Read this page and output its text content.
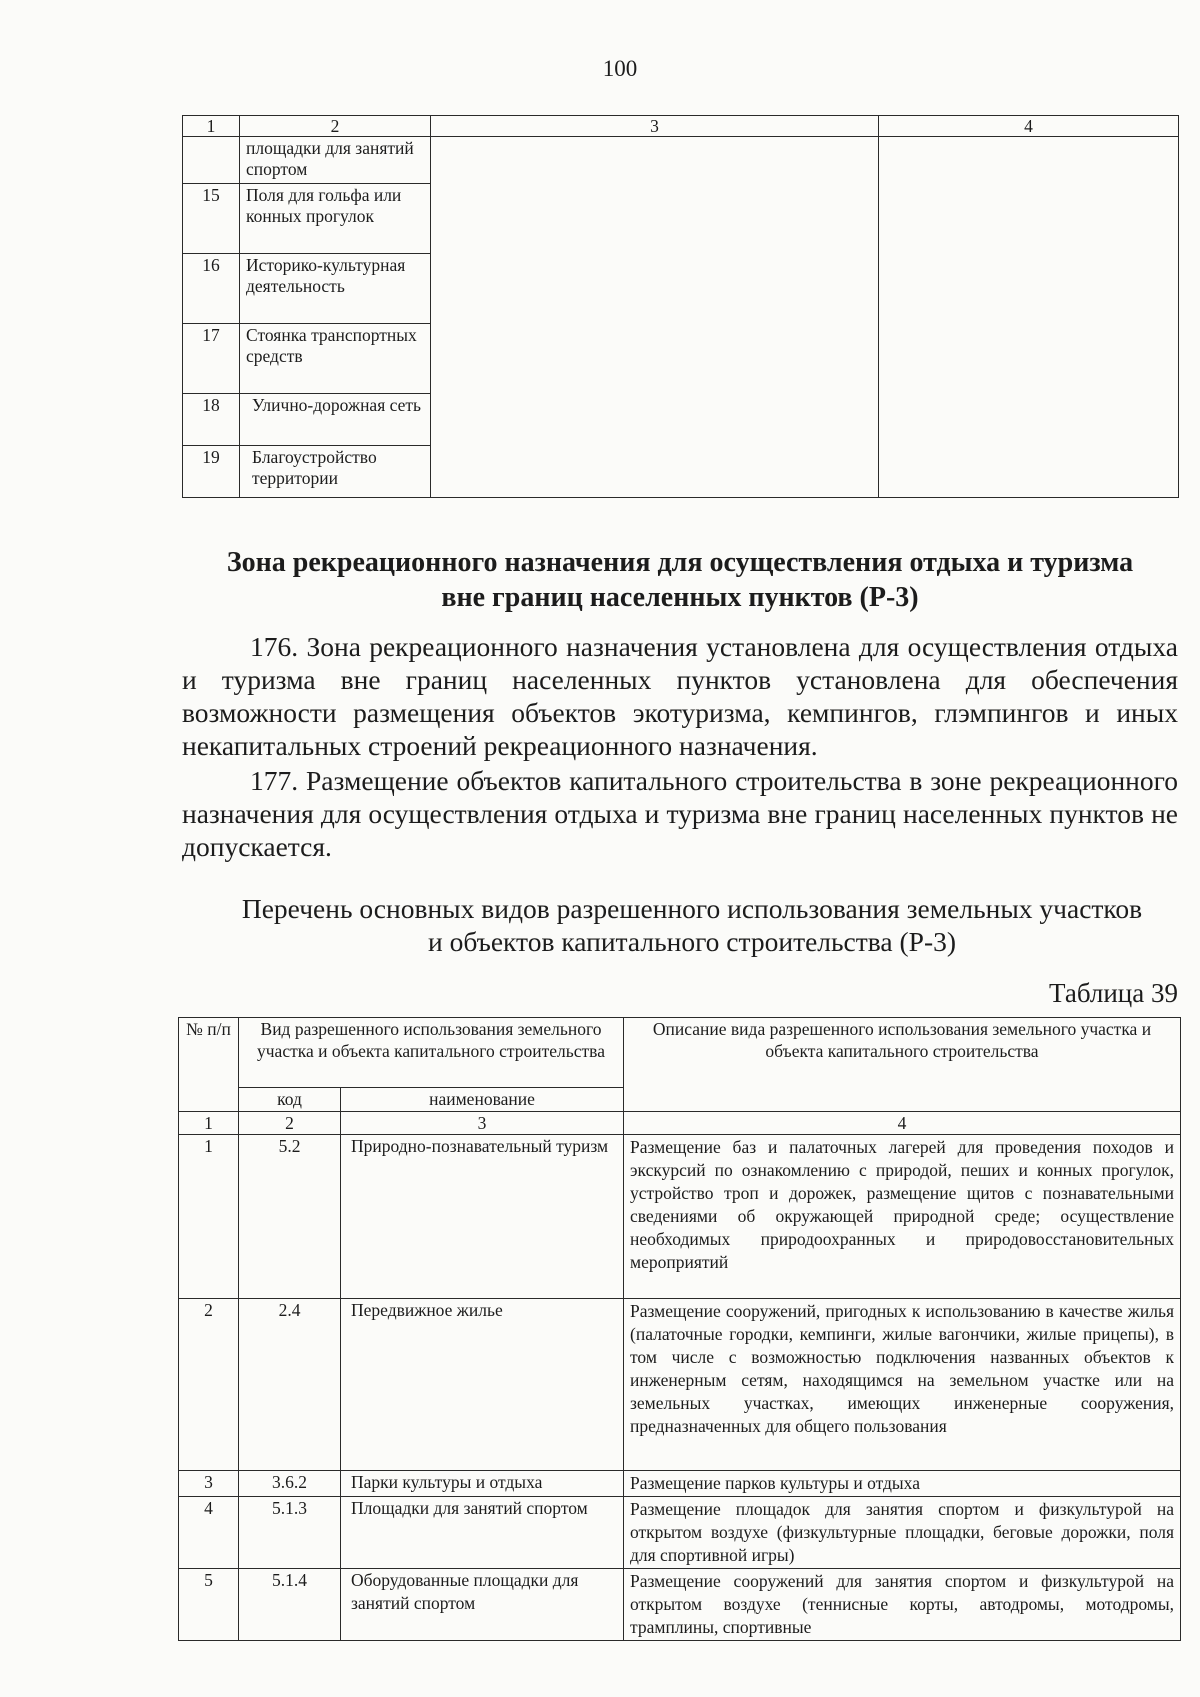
100
1	2	3	4
	площадки для занятий спортом		
15	Поля для гольфа или конных прогулок		
16	Историко-культурная деятельность		
17	Стоянка транспортных средств		
18	Улично-дорожная сеть		
19	Благоустройство территории		
Зона рекреационного назначения для осуществления отдыха и туризма
вне границ населенных пунктов (Р-3)
176. Зона рекреационного назначения установлена для осуществления отдыха и туризма вне границ населенных пунктов установлена для обеспечения возможности размещения объектов экотуризма, кемпингов, глэмпингов и иных некапитальных строений рекреационного назначения.
177. Размещение объектов капитального строительства в зоне рекреационного назначения для осуществления отдыха и туризма вне границ населенных пунктов не допускается.
Перечень основных видов разрешенного использования земельных участков
и объектов капитального строительства (Р-3)
Таблица 39
№ п/п	Вид разрешенного использования земельного участка и объекта капитального строительства		Описание вида разрешенного использования земельного участка и объекта капитального строительства
	код	наименование	
1	2	3	4
1	5.2	Природно-познавательный туризм	Размещение баз и палаточных лагерей для проведения походов и экскурсий по ознакомлению с природой, пеших и конных прогулок, устройство троп и дорожек, размещение щитов с познавательными сведениями об окружающей природной среде; осуществление необходимых природоохранных и природовосстановительных мероприятий
2	2.4	Передвижное жилье	Размещение сооружений, пригодных к использованию в качестве жилья (палаточные городки, кемпинги, жилые вагончики, жилые прицепы), в том числе с возможностью подключения названных объектов к инженерным сетям, находящимся на земельном участке или на земельных участках, имеющих инженерные сооружения, предназначенных для общего пользования
3	3.6.2	Парки культуры и отдыха	Размещение парков культуры и отдыха
4	5.1.3	Площадки для занятий спортом	Размещение площадок для занятия спортом и физкультурой на открытом воздухе (физкультурные площадки, беговые дорожки, поля для спортивной игры)
5	5.1.4	Оборудованные площадки для занятий спортом	Размещение сооружений для занятия спортом и физкультурой на открытом воздухе (теннисные корты, автодромы, мотодромы, трамплины, спортивные
